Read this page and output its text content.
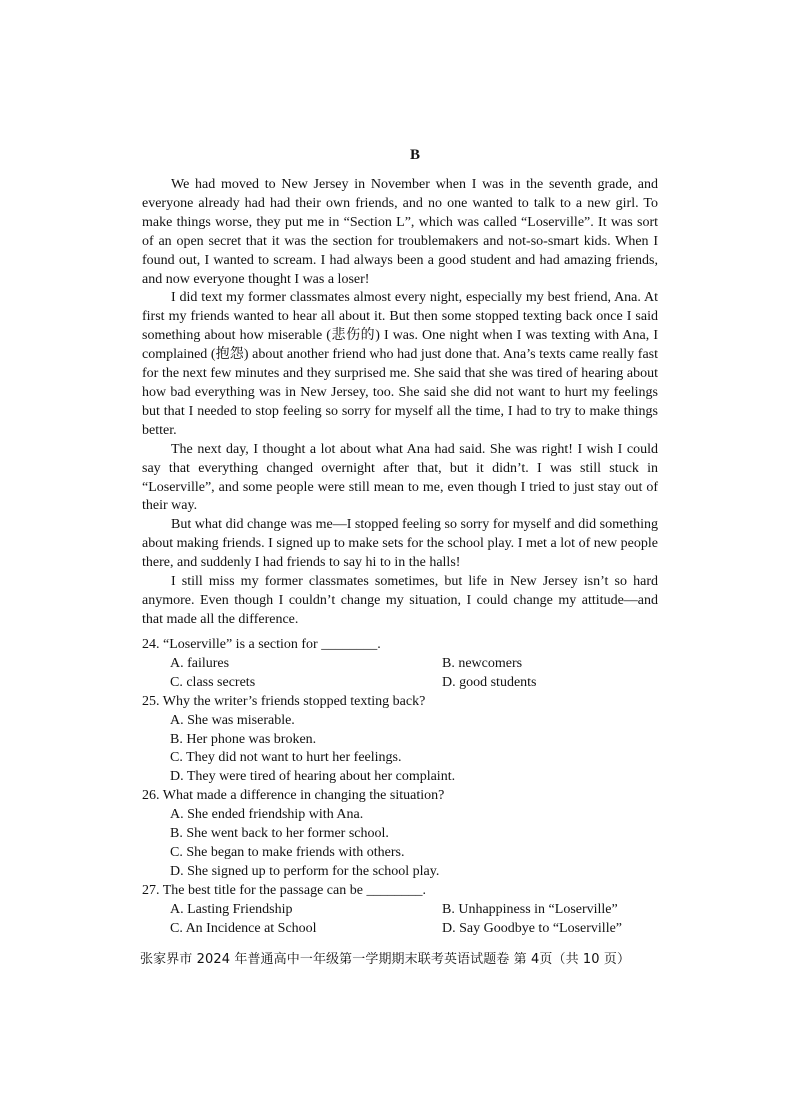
B

We had moved to New Jersey in November when I was in the seventh grade, and everyone already had had their own friends, and no one wanted to talk to a new girl. To make things worse, they put me in “Section L”, which was called “Loserville”. It was sort of an open secret that it was the section for troublemakers and not-so-smart kids. When I found out, I wanted to scream. I had always been a good student and had amazing friends, and now everyone thought I was a loser!

I did text my former classmates almost every night, especially my best friend, Ana. At first my friends wanted to hear all about it. But then some stopped texting back once I said something about how miserable (悲伤的) I was. One night when I was texting with Ana, I complained (抱怨) about another friend who had just done that. Ana’s texts came really fast for the next few minutes and they surprised me. She said that she was tired of hearing about how bad everything was in New Jersey, too. She said she did not want to hurt my feelings but that I needed to stop feeling so sorry for myself all the time, I had to try to make things better.

The next day, I thought a lot about what Ana had said. She was right! I wish I could say that everything changed overnight after that, but it didn’t. I was still stuck in “Loserville”, and some people were still mean to me, even though I tried to just stay out of their way.

But what did change was me—I stopped feeling so sorry for myself and did something about making friends. I signed up to make sets for the school play. I met a lot of new people there, and suddenly I had friends to say hi to in the halls!

I still miss my former classmates sometimes, but life in New Jersey isn’t so hard anymore. Even though I couldn’t change my situation, I could change my attitude—and that made all the difference.

24. “Loserville” is a section for ________.
A. failures	B. newcomers
C. class secrets	D. good students
25. Why the writer’s friends stopped texting back?
A. She was miserable.
B. Her phone was broken.
C. They did not want to hurt her feelings.
D. They were tired of hearing about her complaint.
26. What made a difference in changing the situation?
A. She ended friendship with Ana.
B. She went back to her former school.
C. She began to make friends with others.
D. She signed up to perform for the school play.
27. The best title for the passage can be ________.
A. Lasting Friendship	B. Unhappiness in “Loserville”
C. An Incidence at School	D. Say Goodbye to “Loserville”
张家界市 2024 年普通高中一年级第一学期期末联考英语试题卷 第 4页（共 10 页）
